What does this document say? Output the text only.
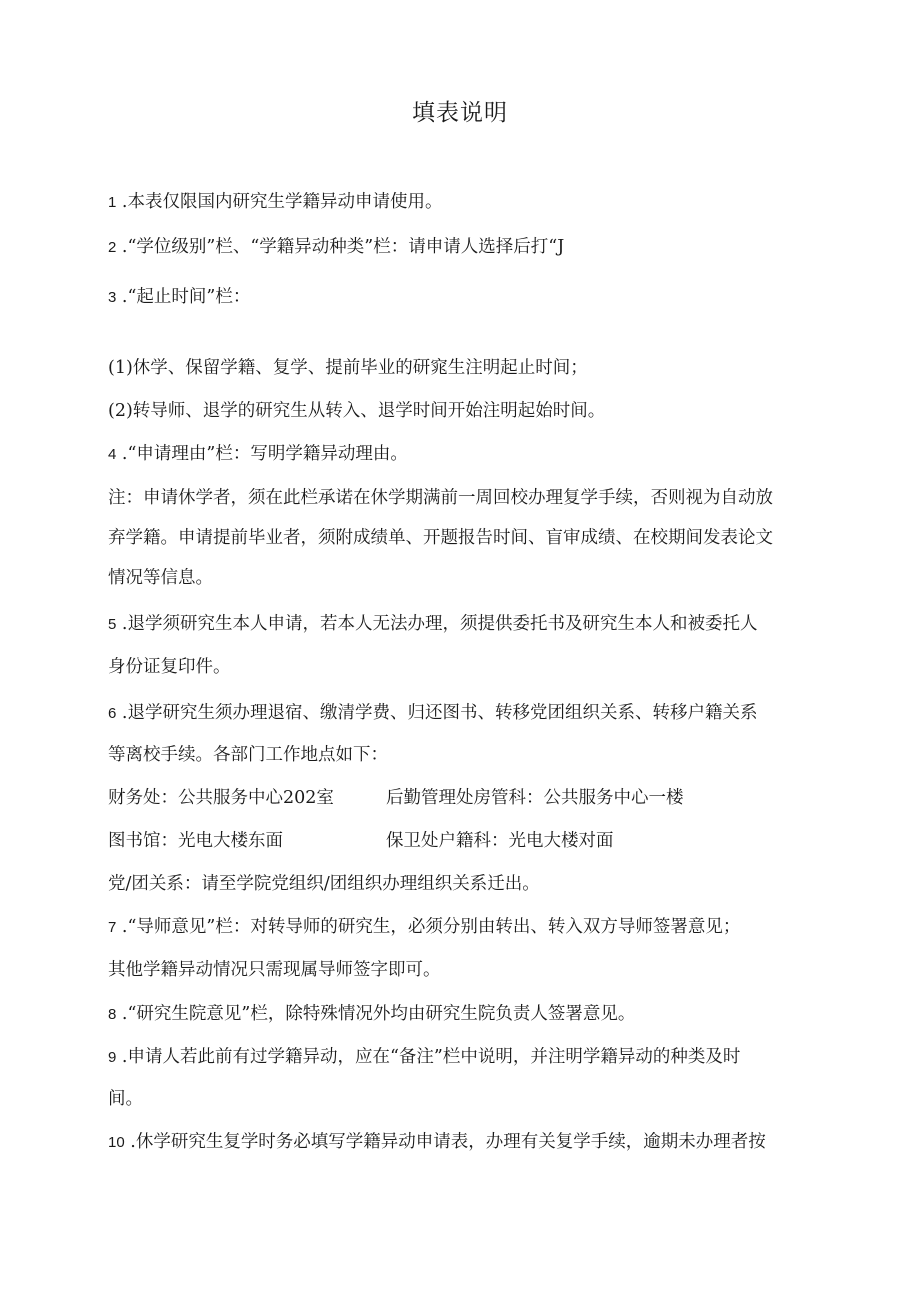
填表说明
1 .本表仅限国内研究生学籍异动申请使用。
2 .“学位级别”栏、“学籍异动种类”栏：请申请人选择后打“J
3 .“起止时间”栏：
(1)休学、保留学籍、复学、提前毕业的研窕生注明起止时间；
(2)转导师、退学的研究生从转入、退学时间开始注明起始时间。
4 .“申请理由”栏：写明学籍异动理由。
注：申请休学者，须在此栏承诺在休学期满前一周回校办理复学手续，否则视为自动放
弃学籍。申请提前毕业者，须附成绩单、开题报告时间、盲审成绩、在校期间发表论文
情况等信息。
5 .退学须研究生本人申请，若本人无法办理，须提供委托书及研究生本人和被委托人
身份证复印件。
6 .退学研究生须办理退宿、缴清学费、归还图书、转移党团组织关系、转移户籍关系
等离校手续。各部门工作地点如下：
财务处：公共服务中心202室	后勤管理处房管科：公共服务中心一楼
图书馆：光电大楼东面	保卫处户籍科：光电大楼对面
党/团关系：请至学院党组织/团组织办理组织关系迁出。
7 .“导师意见”栏：对转导师的研究生，必须分别由转出、转入双方导师签署意见；
其他学籍异动情况只需现属导师签字即可。
8 .“研究生院意见”栏，除特殊情况外均由研究生院负责人签署意见。
9 .申请人若此前有过学籍异动，应在“备注”栏中说明，并注明学籍异动的种类及时
间。
10 .休学研究生复学时务必填写学籍异动申请表，办理有关复学手续，逾期未办理者按
